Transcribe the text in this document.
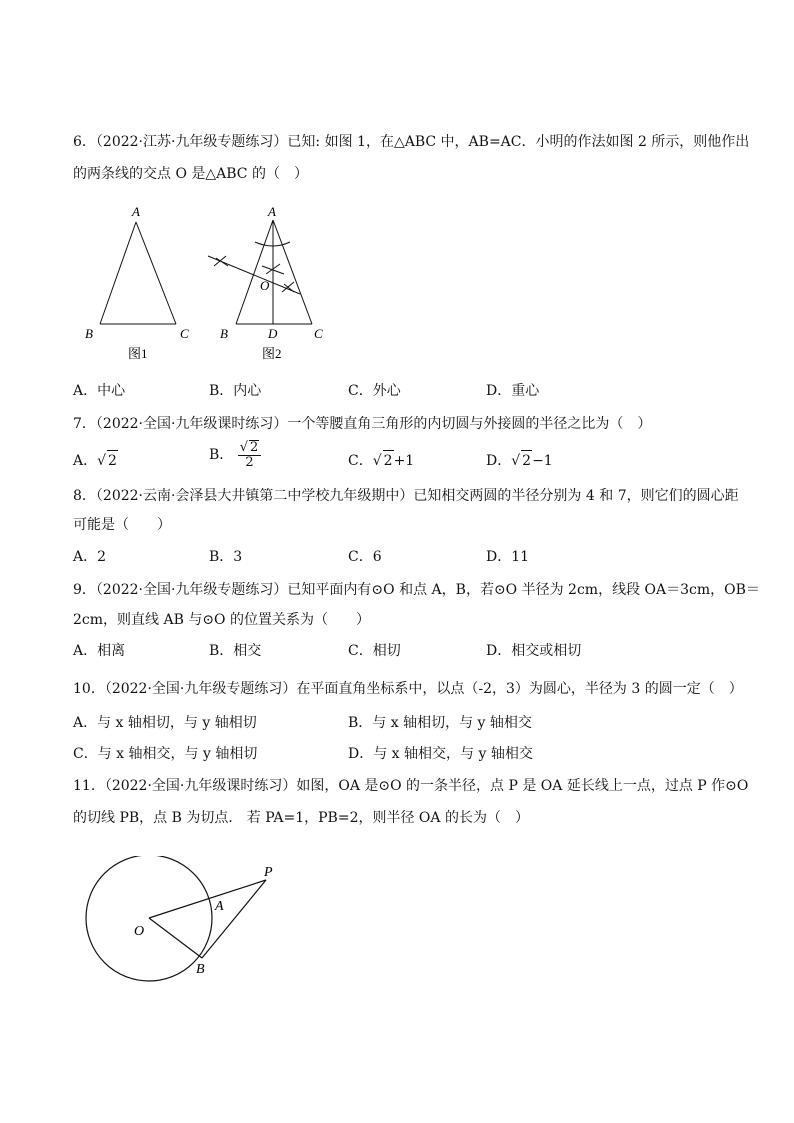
6．（2022·江苏·九年级专题练习）已知: 如图 1，在△ABC 中，AB=AC．小明的作法如图 2 所示，则他作出
的两条线的交点 O 是△ABC 的（　）
A
B	C
图1
A
O
B	D	C
图2
A．中心	B．内心	C．外心	D．重心
7．（2022·全国·九年级课时练习）一个等腰直角三角形的内切圆与外接圆的半径之比为（　）
A．√ 2	B． $\frac{√ 2}{2}$	C．√ 2+1	D．√ 2−1
8．（2022·云南·会泽县大井镇第二中学校九年级期中）已知相交两圆的半径分别为 4 和 7，则它们的圆心距
可能是（　　）
A．2	B．3	C．6	D．11
9．（2022·全国·九年级专题练习）已知平面内有⊙O 和点 A，B，若⊙O 半径为 2cm，线段 OA＝3cm，OB＝
2cm，则直线 AB 与⊙O 的位置关系为（　　）
A．相离	B．相交	C．相切	D．相交或相切
10．（2022·全国·九年级专题练习）在平面直角坐标系中，以点（-2，3）为圆心，半径为 3 的圆一定（　）
A．与 x 轴相切，与 y 轴相切	B．与 x 轴相切，与 y 轴相交
C．与 x 轴相交，与 y 轴相切	D．与 x 轴相交，与 y 轴相交
11．（2022·全国·九年级课时练习）如图，OA 是⊙O 的一条半径，点 P 是 OA 延长线上一点，过点 P 作⊙O
的切线 PB，点 B 为切点． 若 PA=1，PB=2，则半径 OA 的长为（　）
O
A
P
B
